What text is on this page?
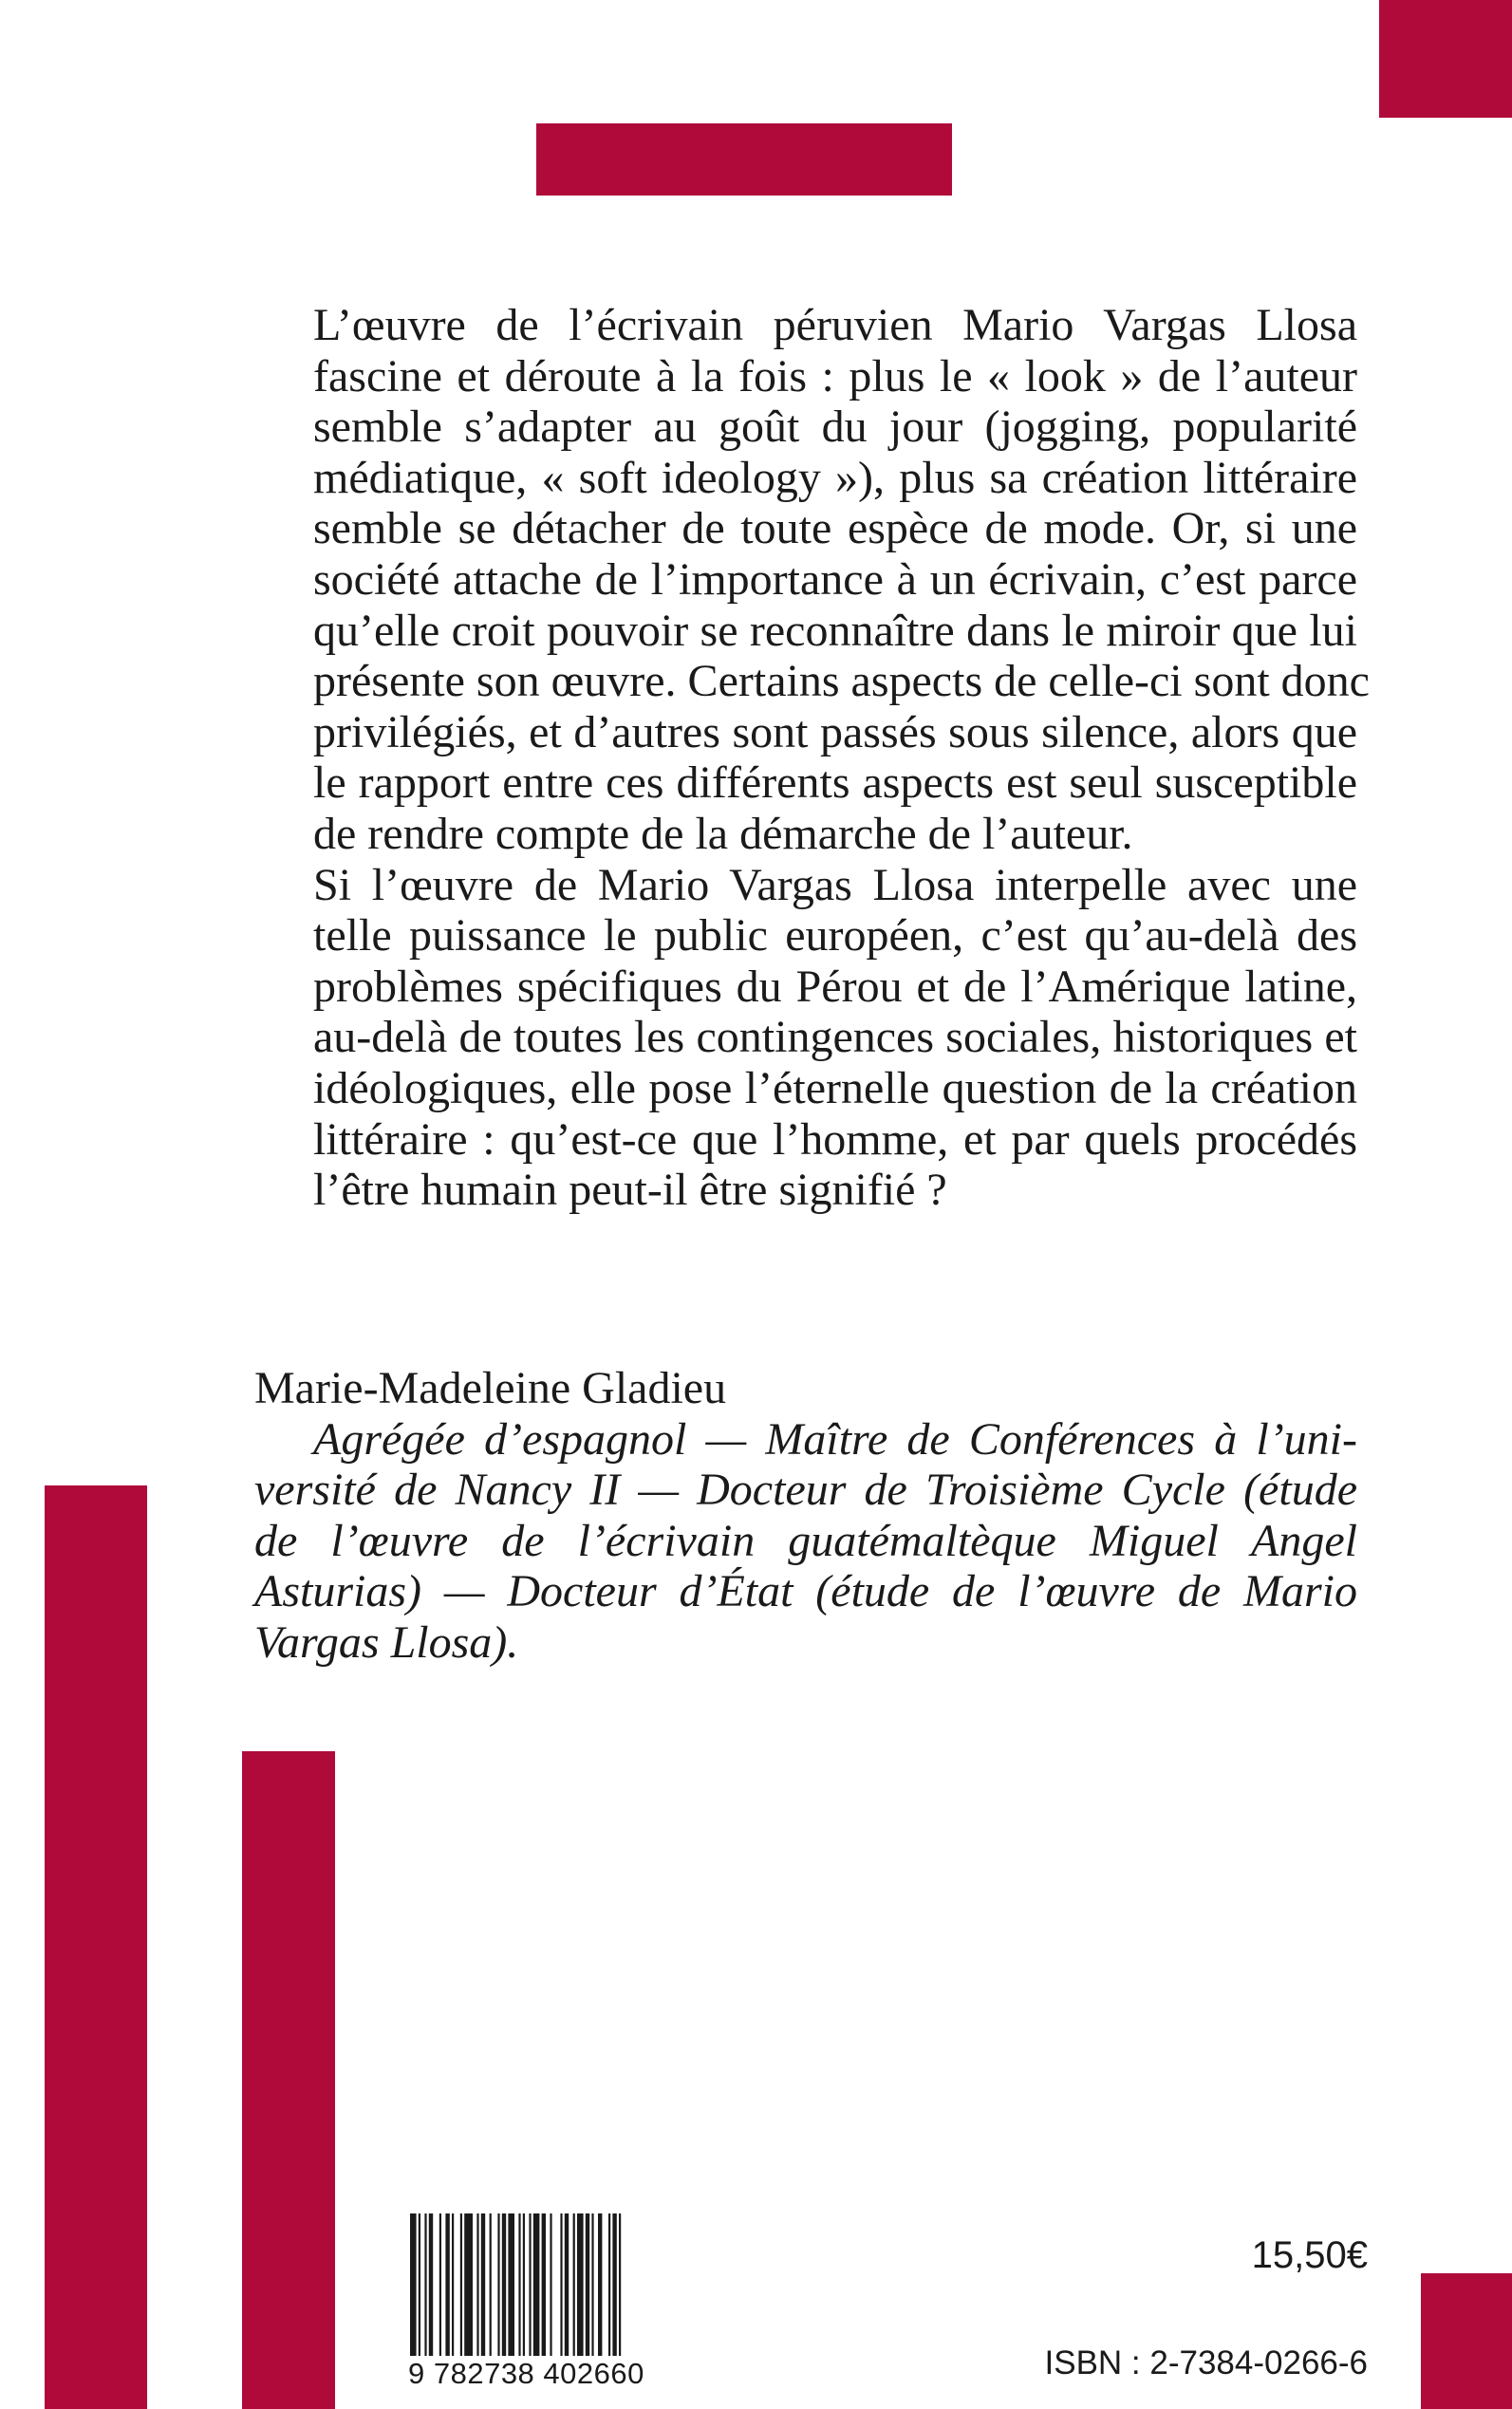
L’œuvre de l’écrivain péruvien Mario Vargas Llosa
fascine et déroute à la fois : plus le « look » de l’auteur
semble s’adapter au goût du jour (jogging, popularité
médiatique, « soft ideology »), plus sa création littéraire
semble se détacher de toute espèce de mode. Or, si une
société attache de l’importance à un écrivain, c’est parce
qu’elle croit pouvoir se reconnaître dans le miroir que lui
présente son œuvre. Certains aspects de celle-ci sont donc
privilégiés, et d’autres sont passés sous silence, alors que
le rapport entre ces différents aspects est seul susceptible
de rendre compte de la démarche de l’auteur.

Si l’œuvre de Mario Vargas Llosa interpelle avec une
telle puissance le public européen, c’est qu’au-delà des
problèmes spécifiques du Pérou et de l’Amérique latine,
au-delà de toutes les contingences sociales, historiques et
idéologiques, elle pose l’éternelle question de la création
littéraire : qu’est-ce que l’homme, et par quels procédés
l’être humain peut-il être signifié ?

Marie-Madeleine Gladieu
Agrégée d’espagnol — Maître de Conférences à l’uni-
versité de Nancy II — Docteur de Troisième Cycle (étude
de l’œuvre de l’écrivain guatémaltèque Miguel Angel
Asturias) — Docteur d’État (étude de l’œuvre de Mario
Vargas Llosa).
9 782738 402660
15,50€
ISBN : 2-7384-0266-6
